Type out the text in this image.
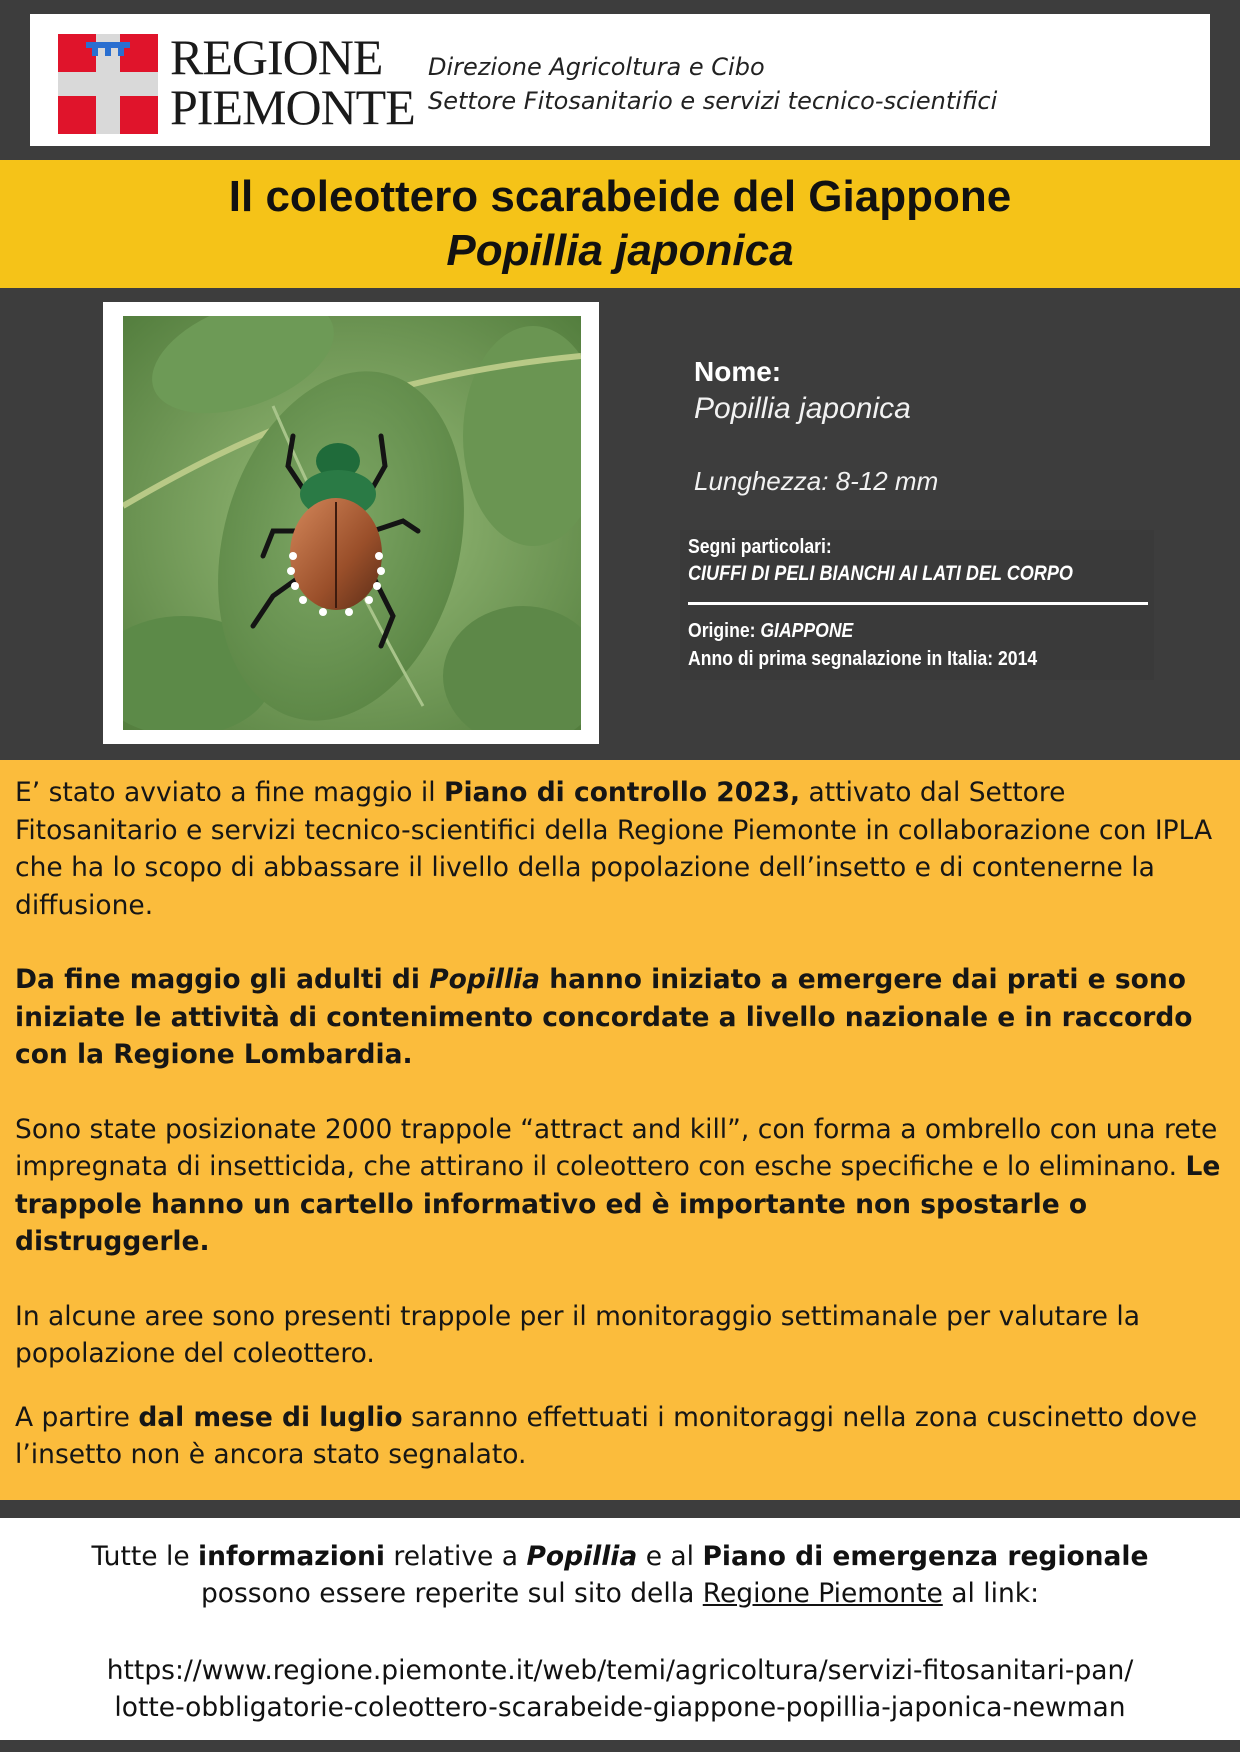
REGIONE
PIEMONTE
Direzione Agricoltura e Cibo
Settore Fitosanitario e servizi tecnico-scientifici
Il coleottero scarabeide del Giappone
Popillia japonica
Nome:
Popillia japonica
Lunghezza: 8-12 mm
Segni particolari:
CIUFFI DI PELI BIANCHI AI LATI DEL CORPO
Origine: GIAPPONE
Anno di prima segnalazione in Italia: 2014

E’ stato avviato a fine maggio il Piano di controllo 2023, attivato dal Settore Fitosanitario e servizi tecnico-scientifici della Regione Piemonte in collaborazione con IPLA che ha lo scopo di abbassare il livello della popolazione dell’insetto e di contenerne la diffusione.

Da fine maggio gli adulti di Popillia hanno iniziato a emergere dai prati e sono iniziate le attività di contenimento concordate a livello nazionale e in raccordo con la Regione Lombardia.

Sono state posizionate 2000 trappole “attract and kill”, con forma a ombrello con una rete impregnata di insetticida, che attirano il coleottero con esche specifiche e lo eliminano. Le trappole hanno un cartello informativo ed è importante non spostarle o distruggerle.

In alcune aree sono presenti trappole per il monitoraggio settimanale per valutare la popolazione del coleottero.

A partire dal mese di luglio saranno effettuati i monitoraggi nella zona cuscinetto dove l’insetto non è ancora stato segnalato.

Tutte le informazioni relative a Popillia e al Piano di emergenza regionale
possono essere reperite sul sito della Regione Piemonte al link:
https://www.regione.piemonte.it/web/temi/agricoltura/servizi-fitosanitari-pan/
lotte-obbligatorie-coleottero-scarabeide-giappone-popillia-japonica-newman
